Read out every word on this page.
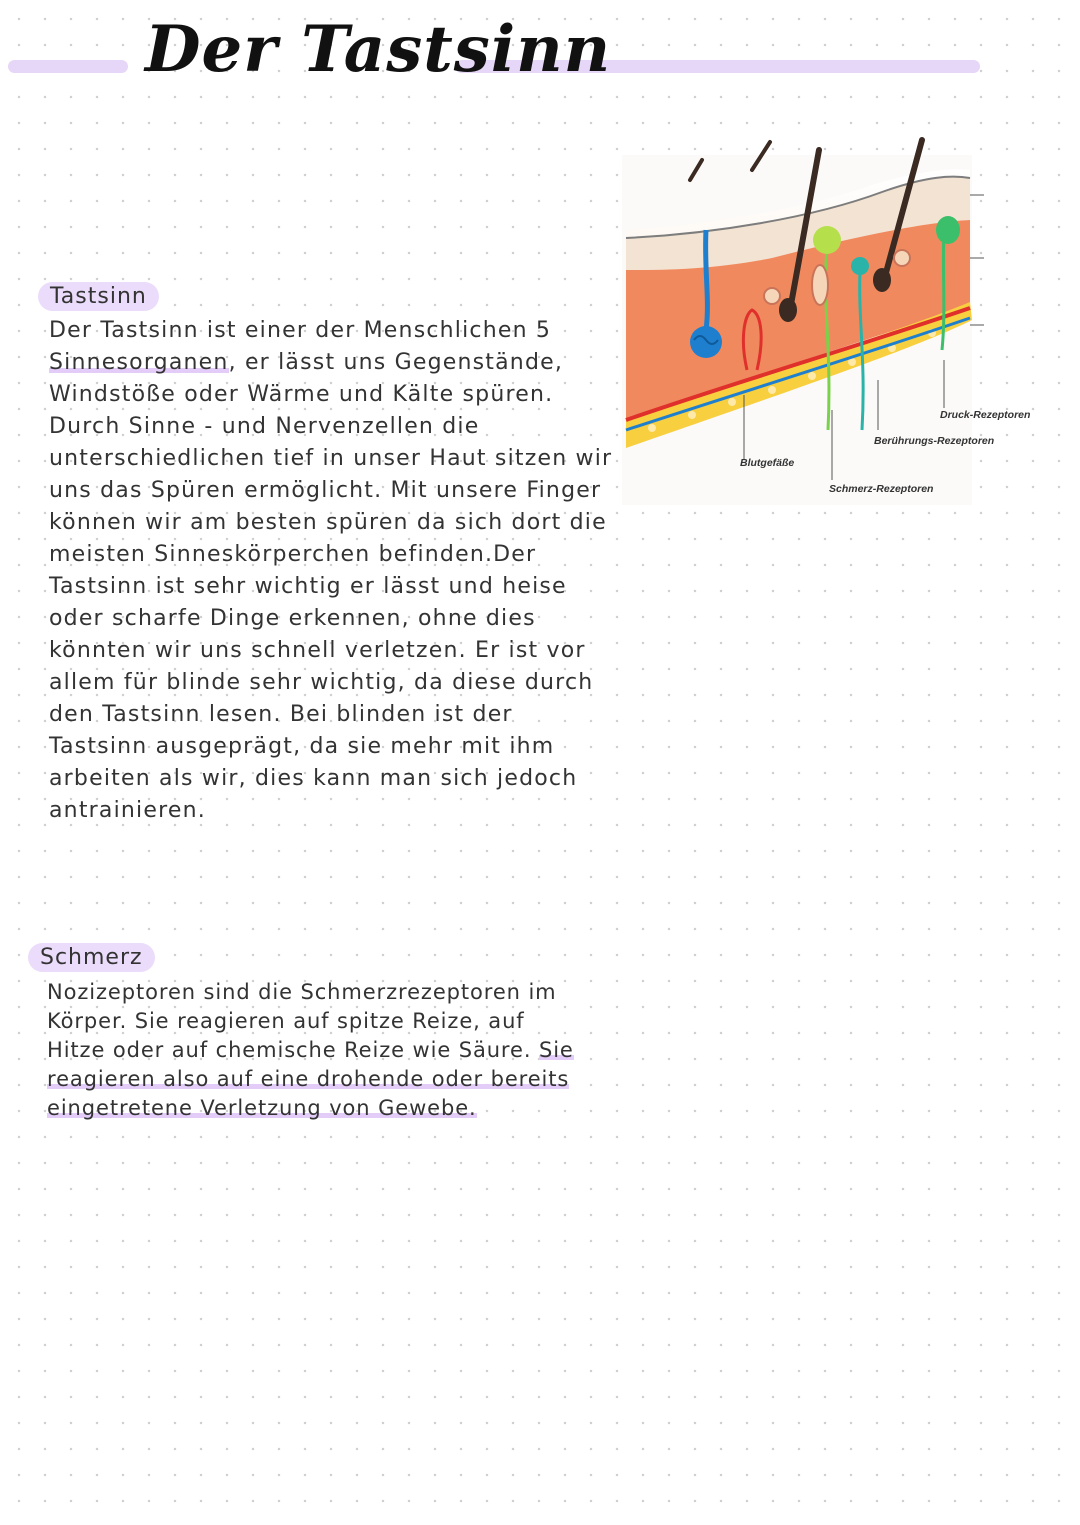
Der Tastsinn
Tastsinn

Der Tastsinn ist einer der Menschlichen 5 Sinnesorganen, er lässt uns Gegenstände, Windstöße oder Wärme und Kälte spüren. Durch Sinne - und Nervenzellen die unterschiedlichen tief in unser Haut sitzen wir uns das Spüren ermöglicht. Mit unsere Finger können wir am besten spüren da sich dort die meisten Sinneskörperchen befinden.Der Tastsinn ist sehr wichtig er lässt und heise oder scharfe Dinge erkennen, ohne dies könnten wir uns schnell verletzen. Er ist vor allem für blinde sehr wichtig, da diese durch den Tastsinn lesen. Bei blinden ist der Tastsinn ausgeprägt, da sie mehr mit ihm arbeiten als wir, dies kann man sich jedoch antrainieren.

Schmerz

Nozizeptoren sind die Schmerzrezeptoren im Körper. Sie reagieren auf spitze Reize, auf Hitze oder auf chemische Reize wie Säure. Sie reagieren also auf eine drohende oder bereits eingetretene Verletzung von Gewebe.

Druck-Rezeptoren
Berührungs-Rezeptoren
Blutgefäße
Schmerz-Rezeptoren
